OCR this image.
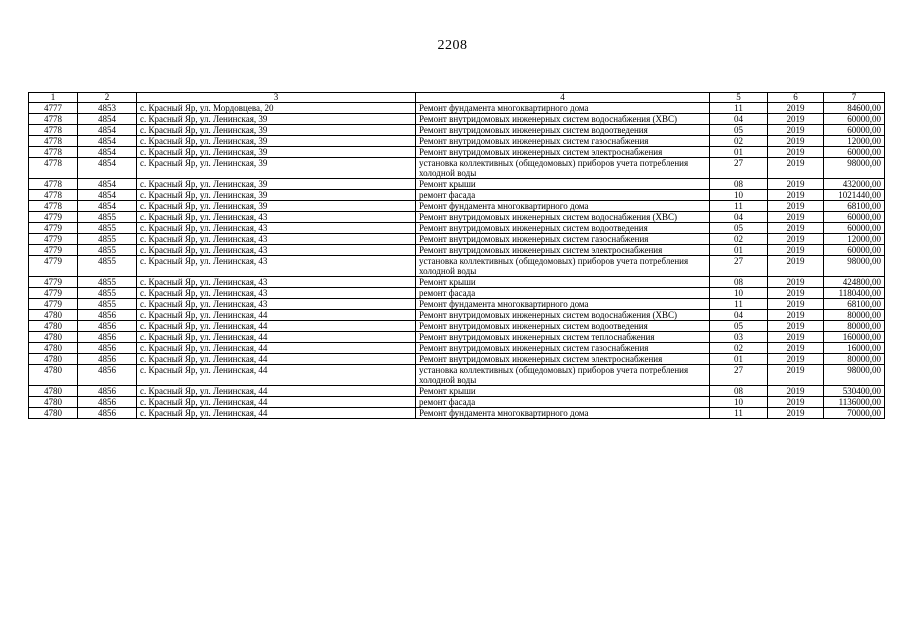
2208
1	2	3	4	5	6	7
4777	4853	с. Красный Яр, ул. Мордовцева, 20	Ремонт фундамента многоквартирного дома	11	2019	84600,00
4778	4854	с. Красный Яр, ул. Ленинская, 39	Ремонт внутридомовых инженерных систем водоснабжения (ХВС)	04	2019	60000,00
4778	4854	с. Красный Яр, ул. Ленинская, 39	Ремонт внутридомовых инженерных систем водоотведения	05	2019	60000,00
4778	4854	с. Красный Яр, ул. Ленинская, 39	Ремонт внутридомовых инженерных систем газоснабжения	02	2019	12000,00
4778	4854	с. Красный Яр, ул. Ленинская, 39	Ремонт внутридомовых инженерных систем электроснабжения	01	2019	60000,00
4778	4854	с. Красный Яр, ул. Ленинская, 39	установка коллективных (общедомовых) приборов учета потребления холодной воды	27	2019	98000,00
4778	4854	с. Красный Яр, ул. Ленинская, 39	Ремонт крыши	08	2019	432000,00
4778	4854	с. Красный Яр, ул. Ленинская, 39	ремонт фасада	10	2019	1021440,00
4778	4854	с. Красный Яр, ул. Ленинская, 39	Ремонт фундамента многоквартирного дома	11	2019	68100,00
4779	4855	с. Красный Яр, ул. Ленинская, 43	Ремонт внутридомовых инженерных систем водоснабжения (ХВС)	04	2019	60000,00
4779	4855	с. Красный Яр, ул. Ленинская, 43	Ремонт внутридомовых инженерных систем водоотведения	05	2019	60000,00
4779	4855	с. Красный Яр, ул. Ленинская, 43	Ремонт внутридомовых инженерных систем газоснабжения	02	2019	12000,00
4779	4855	с. Красный Яр, ул. Ленинская, 43	Ремонт внутридомовых инженерных систем электроснабжения	01	2019	60000,00
4779	4855	с. Красный Яр, ул. Ленинская, 43	установка коллективных (общедомовых) приборов учета потребления холодной воды	27	2019	98000,00
4779	4855	с. Красный Яр, ул. Ленинская, 43	Ремонт крыши	08	2019	424800,00
4779	4855	с. Красный Яр, ул. Ленинская, 43	ремонт фасада	10	2019	1180400,00
4779	4855	с. Красный Яр, ул. Ленинская, 43	Ремонт фундамента многоквартирного дома	11	2019	68100,00
4780	4856	с. Красный Яр, ул. Ленинская, 44	Ремонт внутридомовых инженерных систем водоснабжения (ХВС)	04	2019	80000,00
4780	4856	с. Красный Яр, ул. Ленинская, 44	Ремонт внутридомовых инженерных систем водоотведения	05	2019	80000,00
4780	4856	с. Красный Яр, ул. Ленинская, 44	Ремонт внутридомовых инженерных систем теплоснабжения	03	2019	160000,00
4780	4856	с. Красный Яр, ул. Ленинская, 44	Ремонт внутридомовых инженерных систем газоснабжения	02	2019	16000,00
4780	4856	с. Красный Яр, ул. Ленинская, 44	Ремонт внутридомовых инженерных систем электроснабжения	01	2019	80000,00
4780	4856	с. Красный Яр, ул. Ленинская, 44	установка коллективных (общедомовых) приборов учета потребления холодной воды	27	2019	98000,00
4780	4856	с. Красный Яр, ул. Ленинская, 44	Ремонт крыши	08	2019	530400,00
4780	4856	с. Красный Яр, ул. Ленинская, 44	ремонт фасада	10	2019	1136000,00
4780	4856	с. Красный Яр, ул. Ленинская, 44	Ремонт фундамента многоквартирного дома	11	2019	70000,00
